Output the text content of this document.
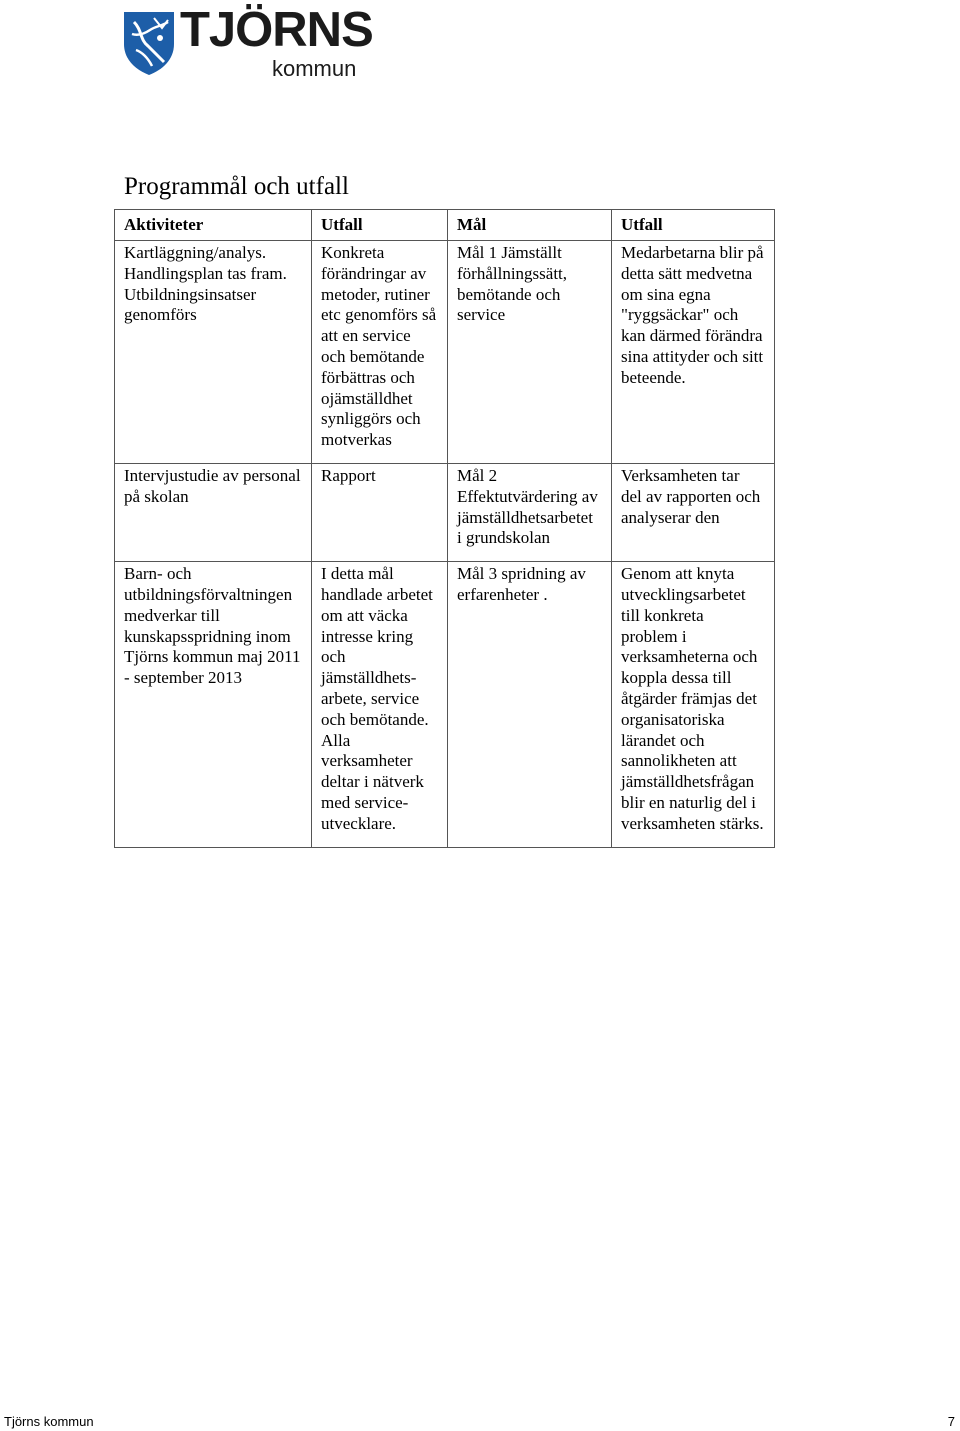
TJÖRNS
kommun
Programmål och utfall
Aktiviteter	Utfall	Mål	Utfall

Kartläggning/analys.
Handlingsplan tas fram.
Utbildningsinsatser genomförs	Konkreta förändringar av metoder, rutiner etc genomförs så att en service och bemötande förbättras och ojämställdhet synliggörs och motverkas	Mål 1 Jämställt förhållningssätt, bemötande och service	Medarbetarna blir på detta sätt medvetna om sina egna "ryggsäckar" och kan därmed förändra sina attityder och sitt beteende.

Intervjustudie av personal på skolan	Rapport	Mål 2 Effektutvärdering av jämställdhetsarbetet i grundskolan	Verksamheten tar del av rapporten och analyserar den

Barn- och utbildningsförvaltningen medverkar till kunskapsspridning inom Tjörns kommun maj 2011 - september 2013	I detta mål handlade arbetet om att väcka intresse kring och jämställdhets-arbete, service och bemötande. Alla verksamheter deltar i nätverk med service-utvecklare.	Mål 3 spridning av erfarenheter .	Genom att knyta utvecklingsarbetet till konkreta problem i verksamheterna och koppla dessa till åtgärder främjas det organisatoriska lärandet och sannolikheten att jämställdhetsfrågan blir en naturlig del i verksamheten stärks.
Tjörns kommun	7
